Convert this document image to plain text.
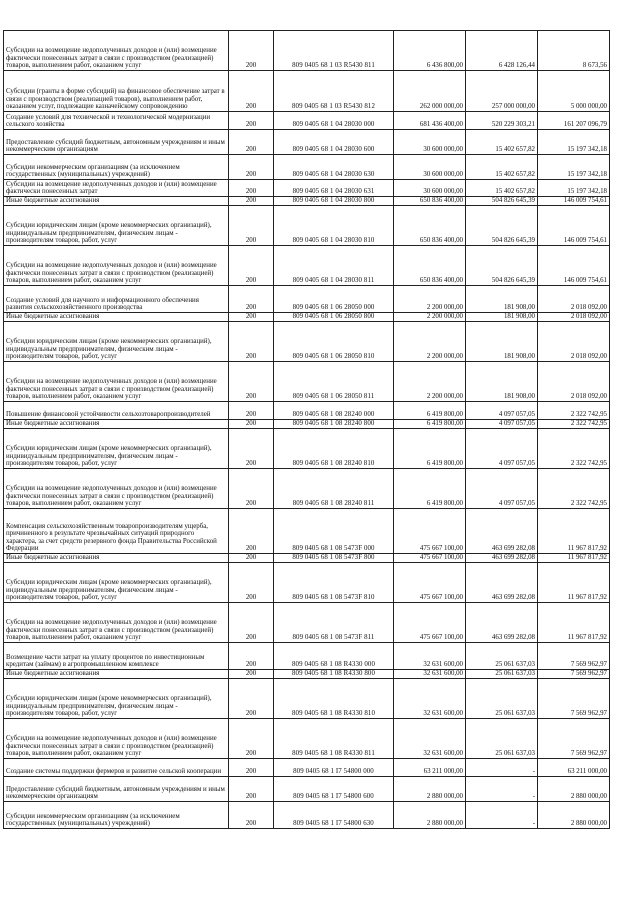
Субсидии на возмещение недополученных доходов и (или) возмещение фактически понесенных затрат в связи с производством (реализацией) товаров, выполнением работ, оказанием услуг	200	809 0405 68 1 03 R5430 811	6 436 800,00	6 428 126,44	8 673,56
Субсидии (гранты в форме субсидий) на финансовое обеспечение затрат в связи с производством (реализацией товаров), выполнением работ, оказанием услуг, подлежащие казначейскому сопровождению	200	809 0405 68 1 03 R5430 812	262 000 000,00	257 000 000,00	5 000 000,00
Создание условий для технической и технологической модернизации сельского хозяйства	200	809 0405 68 1 04 28030 000	681 436 400,00	520 229 303,21	161 207 096,79
Предоставление субсидий бюджетным, автономным учреждениям и иным некоммерческим организациям	200	809 0405 68 1 04 28030 600	30 600 000,00	15 402 657,82	15 197 342,18
Субсидии некоммерческим организациям (за исключением государственных (муниципальных) учреждений)	200	809 0405 68 1 04 28030 630	30 600 000,00	15 402 657,82	15 197 342,18
Субсидии на возмещение недополученных доходов и (или) возмещение фактически понесенных затрат	200	809 0405 68 1 04 28030 631	30 600 000,00	15 402 657,82	15 197 342,18
Иные бюджетные ассигнования	200	809 0405 68 1 04 28030 800	650 836 400,00	504 826 645,39	146 009 754,61
Субсидии юридическим лицам (кроме некоммерческих организаций), индивидуальным предпринимателям, физическим лицам - производителям товаров, работ, услуг	200	809 0405 68 1 04 28030 810	650 836 400,00	504 826 645,39	146 009 754,61
Субсидии на возмещение недополученных доходов и (или) возмещение фактически понесенных затрат в связи с производством (реализацией) товаров, выполнением работ, оказанием услуг	200	809 0405 68 1 04 28030 811	650 836 400,00	504 826 645,39	146 009 754,61
Создание условий для научного и информационного обеспечения развития сельскохозяйственного производства	200	809 0405 68 1 06 28050 000	2 200 000,00	181 908,00	2 018 092,00
Иные бюджетные ассигнования	200	809 0405 68 1 06 28050 800	2 200 000,00	181 908,00	2 018 092,00
Субсидии юридическим лицам (кроме некоммерческих организаций), индивидуальным предпринимателям, физическим лицам - производителям товаров, работ, услуг	200	809 0405 68 1 06 28050 810	2 200 000,00	181 908,00	2 018 092,00
Субсидии на возмещение недополученных доходов и (или) возмещение фактически понесенных затрат в связи с производством (реализацией) товаров, выполнением работ, оказанием услуг	200	809 0405 68 1 06 28050 811	2 200 000,00	181 908,00	2 018 092,00
Повышение финансовой устойчивости сельхозтоваропроизводителей	200	809 0405 68 1 08 28240 000	6 419 800,00	4 097 057,05	2 322 742,95
Иные бюджетные ассигнования	200	809 0405 68 1 08 28240 800	6 419 800,00	4 097 057,05	2 322 742,95
Субсидии юридическим лицам (кроме некоммерческих организаций), индивидуальным предпринимателям, физическим лицам - производителям товаров, работ, услуг	200	809 0405 68 1 08 28240 810	6 419 800,00	4 097 057,05	2 322 742,95
Субсидии на возмещение недополученных доходов и (или) возмещение фактически понесенных затрат в связи с производством (реализацией) товаров, выполнением работ, оказанием услуг	200	809 0405 68 1 08 28240 811	6 419 800,00	4 097 057,05	2 322 742,95
Компенсация сельскохозяйственным товаропроизводителям ущерба, причиненного в результате чрезвычайных ситуаций природного характера, за счет средств резервного фонда Правительства Российской Федерации	200	809 0405 68 1 08 5473F 000	475 667 100,00	463 699 282,08	11 967 817,92
Иные бюджетные ассигнования	200	809 0405 68 1 08 5473F 800	475 667 100,00	463 699 282,08	11 967 817,92
Субсидии юридическим лицам (кроме некоммерческих организаций), индивидуальным предпринимателям, физическим лицам - производителям товаров, работ, услуг	200	809 0405 68 1 08 5473F 810	475 667 100,00	463 699 282,08	11 967 817,92
Субсидии на возмещение недополученных доходов и (или) возмещение фактически понесенных затрат в связи с производством (реализацией) товаров, выполнением работ, оказанием услуг	200	809 0405 68 1 08 5473F 811	475 667 100,00	463 699 282,08	11 967 817,92
Возмещение части затрат на уплату процентов по инвестиционным кредитам (займам) в агропромышленном комплексе	200	809 0405 68 1 08 R4330 000	32 631 600,00	25 061 637,03	7 569 962,97
Иные бюджетные ассигнования	200	809 0405 68 1 08 R4330 800	32 631 600,00	25 061 637,03	7 569 962,97
Субсидии юридическим лицам (кроме некоммерческих организаций), индивидуальным предпринимателям, физическим лицам - производителям товаров, работ, услуг	200	809 0405 68 1 08 R4330 810	32 631 600,00	25 061 637,03	7 569 962,97
Субсидии на возмещение недополученных доходов и (или) возмещение фактически понесенных затрат в связи с производством (реализацией) товаров, выполнением работ, оказанием услуг	200	809 0405 68 1 08 R4330 811	32 631 600,00	25 061 637,03	7 569 962,97
Создание системы поддержки фермеров и развитие сельской кооперации	200	809 0405 68 1 I7 54800 000	63 211 000,00	-	63 211 000,00
Предоставление субсидий бюджетным, автономным учреждениям и иным некоммерческим организациям	200	809 0405 68 1 I7 54800 600	2 880 000,00	-	2 880 000,00
Субсидии некоммерческим организациям (за исключением государственных (муниципальных) учреждений)	200	809 0405 68 1 I7 54800 630	2 880 000,00	-	2 880 000,00
